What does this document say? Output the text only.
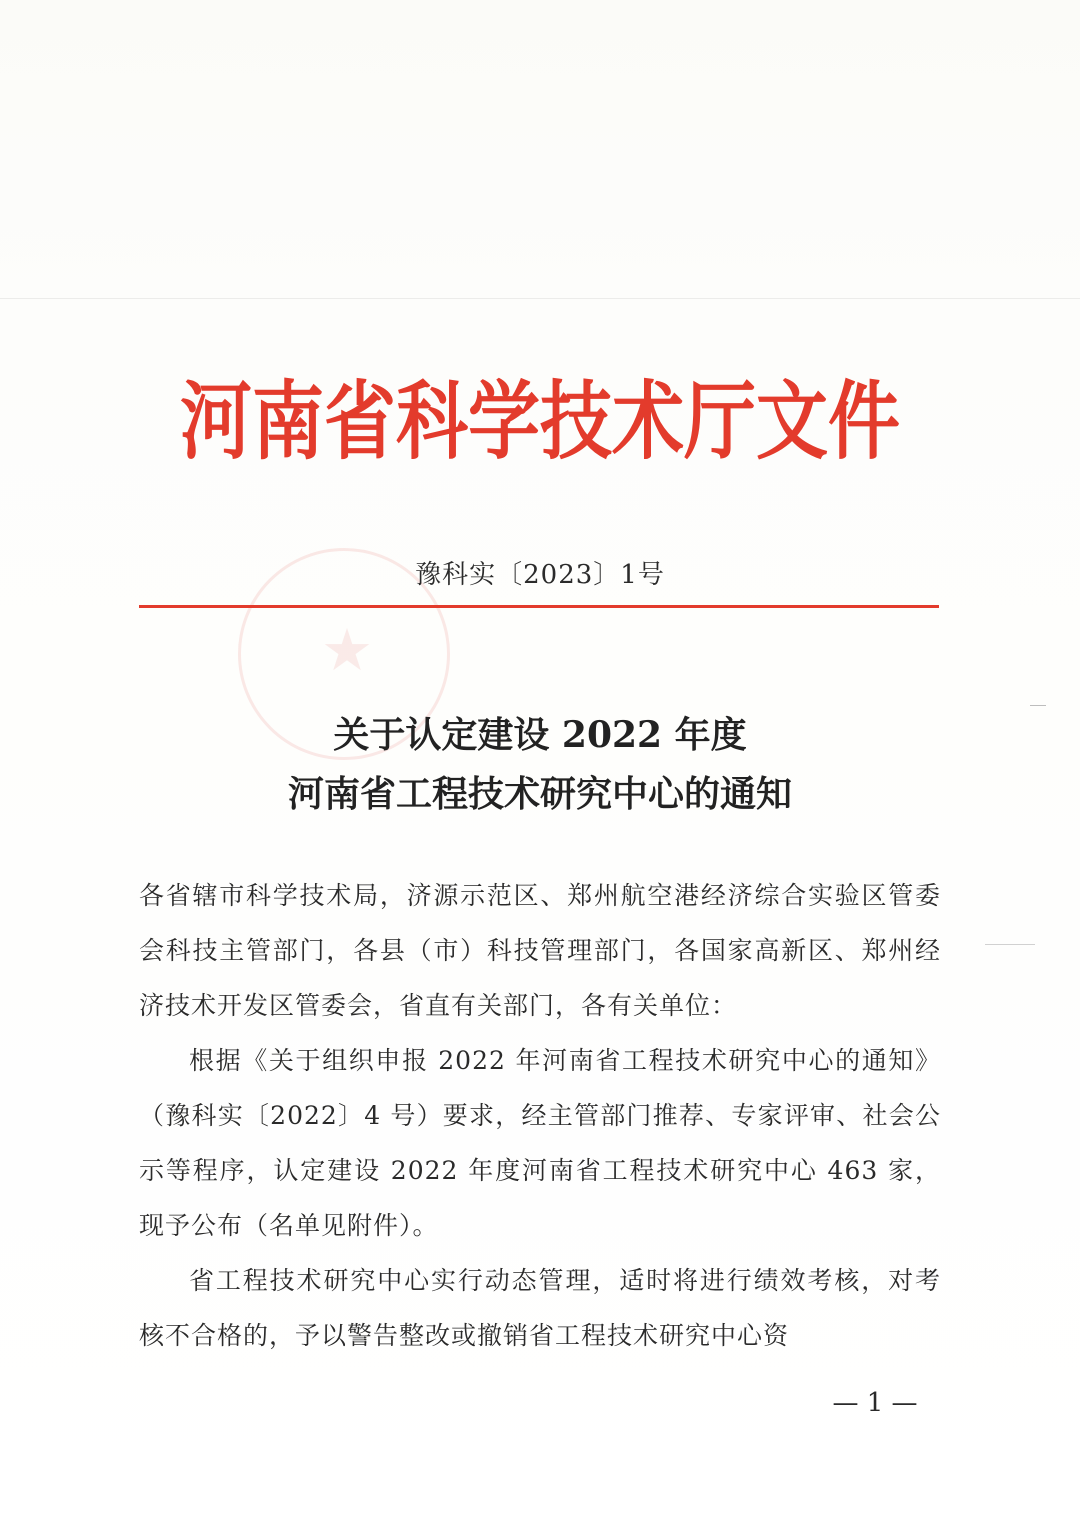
河南省科学技术厅文件
★
豫科实〔2023〕1号
关于认定建设 2022 年度
河南省工程技术研究中心的通知

各省辖市科学技术局，济源示范区、郑州航空港经济综合实验区管委会科技主管部门，各县（市）科技管理部门，各国家高新区、郑州经济技术开发区管委会，省直有关部门，各有关单位：

根据《关于组织申报 2022 年河南省工程技术研究中心的通知》（豫科实〔2022〕4 号）要求，经主管部门推荐、专家评审、社会公示等程序，认定建设 2022 年度河南省工程技术研究中心 463 家，现予公布（名单见附件）。

省工程技术研究中心实行动态管理，适时将进行绩效考核，对考核不合格的，予以警告整改或撤销省工程技术研究中心资

— 1 —
